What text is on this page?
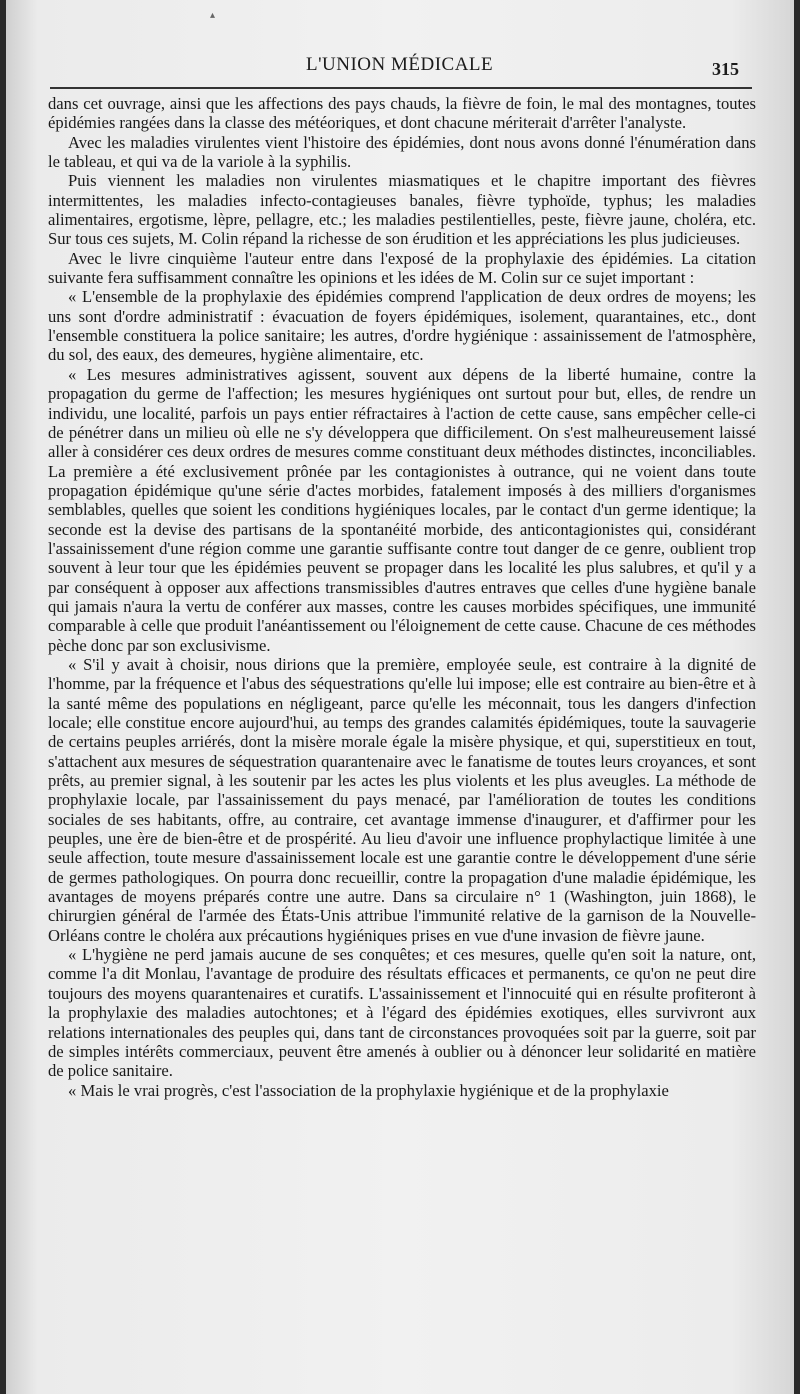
▴
L'UNION MÉDICALE	315

dans cet ouvrage, ainsi que les affections des pays chauds, la fièvre de foin, le mal des montagnes, toutes épidémies rangées dans la classe des météoriques, et dont chacune mériterait d'arrêter l'analyste.

Avec les maladies virulentes vient l'histoire des épidémies, dont nous avons donné l'énumération dans le tableau, et qui va de la variole à la syphilis.

Puis viennent les maladies non virulentes miasmatiques et le chapitre important des fièvres intermittentes, les maladies infecto-contagieuses banales, fièvre typhoïde, typhus; les maladies alimentaires, ergotisme, lèpre, pellagre, etc.; les maladies pestilentielles, peste, fièvre jaune, choléra, etc. Sur tous ces sujets, M. Colin répand la richesse de son érudition et les appréciations les plus judicieuses.

Avec le livre cinquième l'auteur entre dans l'exposé de la prophylaxie des épidémies. La citation suivante fera suffisamment connaître les opinions et les idées de M. Colin sur ce sujet important :

« L'ensemble de la prophylaxie des épidémies comprend l'application de deux ordres de moyens; les uns sont d'ordre administratif : évacuation de foyers épidémiques, isolement, quarantaines, etc., dont l'ensemble constituera la police sanitaire; les autres, d'ordre hygiénique : assainissement de l'atmosphère, du sol, des eaux, des demeures, hygiène alimentaire, etc.

« Les mesures administratives agissent, souvent aux dépens de la liberté humaine, contre la propagation du germe de l'affection; les mesures hygiéniques ont surtout pour but, elles, de rendre un individu, une localité, parfois un pays entier réfractaires à l'action de cette cause, sans empêcher celle-ci de pénétrer dans un milieu où elle ne s'y développera que difficilement. On s'est malheureusement laissé aller à considérer ces deux ordres de mesures comme constituant deux méthodes distinctes, inconciliables. La première a été exclusivement prônée par les contagionistes à outrance, qui ne voient dans toute propagation épidémique qu'une série d'actes morbides, fatalement imposés à des milliers d'organismes semblables, quelles que soient les conditions hygiéniques locales, par le contact d'un germe identique; la seconde est la devise des partisans de la spontanéité morbide, des anticontagionistes qui, considérant l'assainissement d'une région comme une garantie suffisante contre tout danger de ce genre, oublient trop souvent à leur tour que les épidémies peuvent se propager dans les localité les plus salubres, et qu'il y a par conséquent à opposer aux affections transmissibles d'autres entraves que celles d'une hygiène banale qui jamais n'aura la vertu de conférer aux masses, contre les causes morbides spécifiques, une immunité comparable à celle que produit l'anéantissement ou l'éloignement de cette cause. Chacune de ces méthodes pèche donc par son exclusivisme.

« S'il y avait à choisir, nous dirions que la première, employée seule, est contraire à la dignité de l'homme, par la fréquence et l'abus des séquestrations qu'elle lui impose; elle est contraire au bien-être et à la santé même des populations en négligeant, parce qu'elle les méconnait, tous les dangers d'infection locale; elle constitue encore aujourd'hui, au temps des grandes calamités épidémiques, toute la sauvagerie de certains peuples arriérés, dont la misère morale égale la misère physique, et qui, superstitieux en tout, s'attachent aux mesures de séquestration quarantenaire avec le fanatisme de toutes leurs croyances, et sont prêts, au premier signal, à les soutenir par les actes les plus violents et les plus aveugles. La méthode de prophylaxie locale, par l'assainissement du pays menacé, par l'amélioration de toutes les conditions sociales de ses habitants, offre, au contraire, cet avantage immense d'inaugurer, et d'affirmer pour les peuples, une ère de bien-être et de prospérité. Au lieu d'avoir une influence prophylactique limitée à une seule affection, toute mesure d'assainissement locale est une garantie contre le développement d'une série de germes pathologiques. On pourra donc recueillir, contre la propagation d'une maladie épidémique, les avantages de moyens préparés contre une autre. Dans sa circulaire n° 1 (Washington, juin 1868), le chirurgien général de l'armée des États-Unis attribue l'immunité relative de la garnison de la Nouvelle-Orléans contre le choléra aux précautions hygiéniques prises en vue d'une invasion de fièvre jaune.

« L'hygiène ne perd jamais aucune de ses conquêtes; et ces mesures, quelle qu'en soit la nature, ont, comme l'a dit Monlau, l'avantage de produire des résultats efficaces et permanents, ce qu'on ne peut dire toujours des moyens quarantenaires et curatifs. L'assainissement et l'innocuité qui en résulte profiteront à la prophylaxie des maladies autochtones; et à l'égard des épidémies exotiques, elles survivront aux relations internationales des peuples qui, dans tant de circonstances provoquées soit par la guerre, soit par de simples intérêts commerciaux, peuvent être amenés à oublier ou à dénoncer leur solidarité en matière de police sanitaire.

« Mais le vrai progrès, c'est l'association de la prophylaxie hygiénique et de la prophylaxie
